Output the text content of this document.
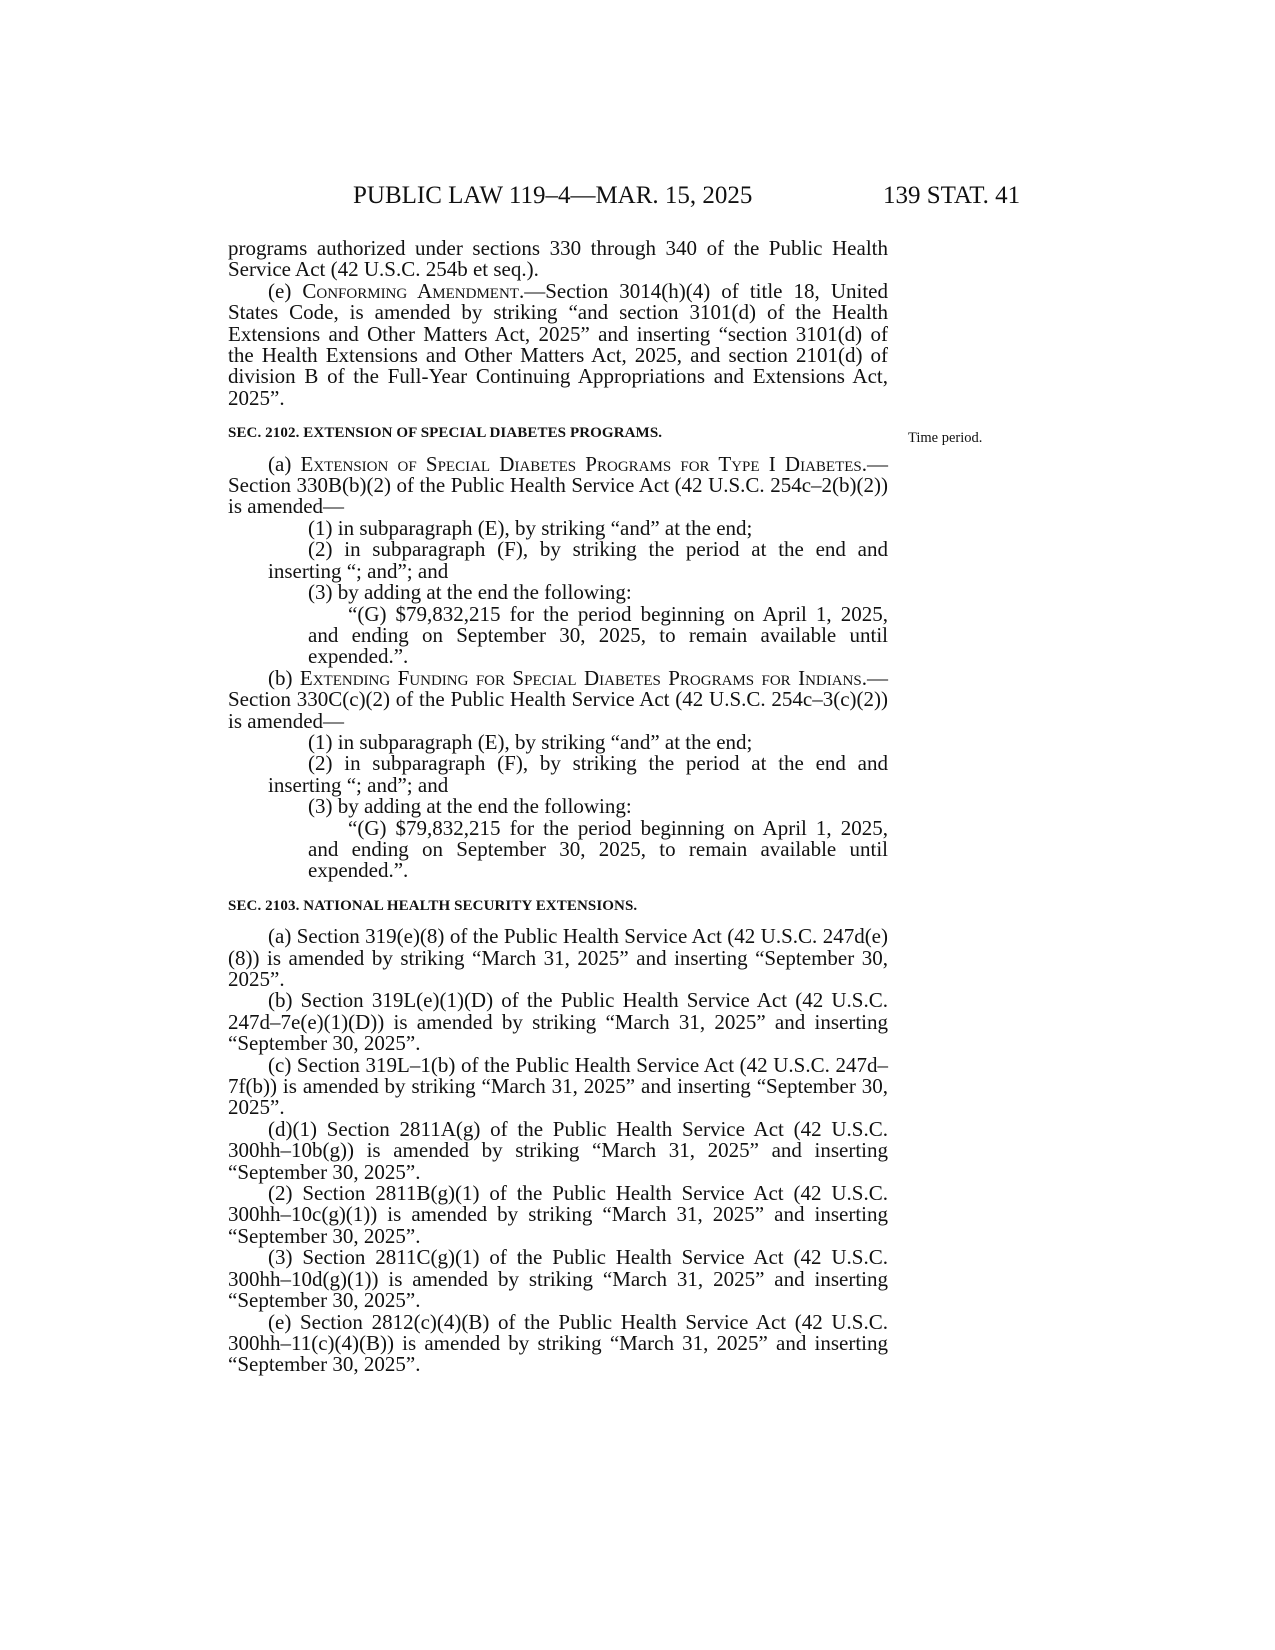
PUBLIC LAW 119–4—MAR. 15, 2025	139 STAT. 41
Time period.

programs authorized under sections 330 through 340 of the Public Health Service Act (42 U.S.C. 254b et seq.).

(e) Conforming Amendment.—Section 3014(h)(4) of title 18, United States Code, is amended by striking “and section 3101(d) of the Health Extensions and Other Matters Act, 2025” and inserting “section 3101(d) of the Health Extensions and Other Matters Act, 2025, and section 2101(d) of division B of the Full-Year Continuing Appropriations and Extensions Act, 2025”.

SEC. 2102. EXTENSION OF SPECIAL DIABETES PROGRAMS.

(a) Extension of Special Diabetes Programs for Type I Diabetes.—Section 330B(b)(2) of the Public Health Service Act (42 U.S.C. 254c–2(b)(2)) is amended—

(1) in subparagraph (E), by striking “and” at the end;

(2) in subparagraph (F), by striking the period at the end and inserting “; and”; and

(3) by adding at the end the following:

“(G) $79,832,215 for the period beginning on April 1, 2025, and ending on September 30, 2025, to remain available until expended.”.

(b) Extending Funding for Special Diabetes Programs for Indians.—Section 330C(c)(2) of the Public Health Service Act (42 U.S.C. 254c–3(c)(2)) is amended—

(1) in subparagraph (E), by striking “and” at the end;

(2) in subparagraph (F), by striking the period at the end and inserting “; and”; and

(3) by adding at the end the following:

“(G) $79,832,215 for the period beginning on April 1, 2025, and ending on September 30, 2025, to remain available until expended.”.

SEC. 2103. NATIONAL HEALTH SECURITY EXTENSIONS.

(a) Section 319(e)(8) of the Public Health Service Act (42 U.S.C. 247d(e)(8)) is amended by striking “March 31, 2025” and inserting “September 30, 2025”.

(b) Section 319L(e)(1)(D) of the Public Health Service Act (42 U.S.C. 247d–7e(e)(1)(D)) is amended by striking “March 31, 2025” and inserting “September 30, 2025”.

(c) Section 319L–1(b) of the Public Health Service Act (42 U.S.C. 247d–7f(b)) is amended by striking “March 31, 2025” and inserting “September 30, 2025”.

(d)(1) Section 2811A(g) of the Public Health Service Act (42 U.S.C. 300hh–10b(g)) is amended by striking “March 31, 2025” and inserting “September 30, 2025”.

(2) Section 2811B(g)(1) of the Public Health Service Act (42 U.S.C. 300hh–10c(g)(1)) is amended by striking “March 31, 2025” and inserting “September 30, 2025”.

(3) Section 2811C(g)(1) of the Public Health Service Act (42 U.S.C. 300hh–10d(g)(1)) is amended by striking “March 31, 2025” and inserting “September 30, 2025”.

(e) Section 2812(c)(4)(B) of the Public Health Service Act (42 U.S.C. 300hh–11(c)(4)(B)) is amended by striking “March 31, 2025” and inserting “September 30, 2025”.
